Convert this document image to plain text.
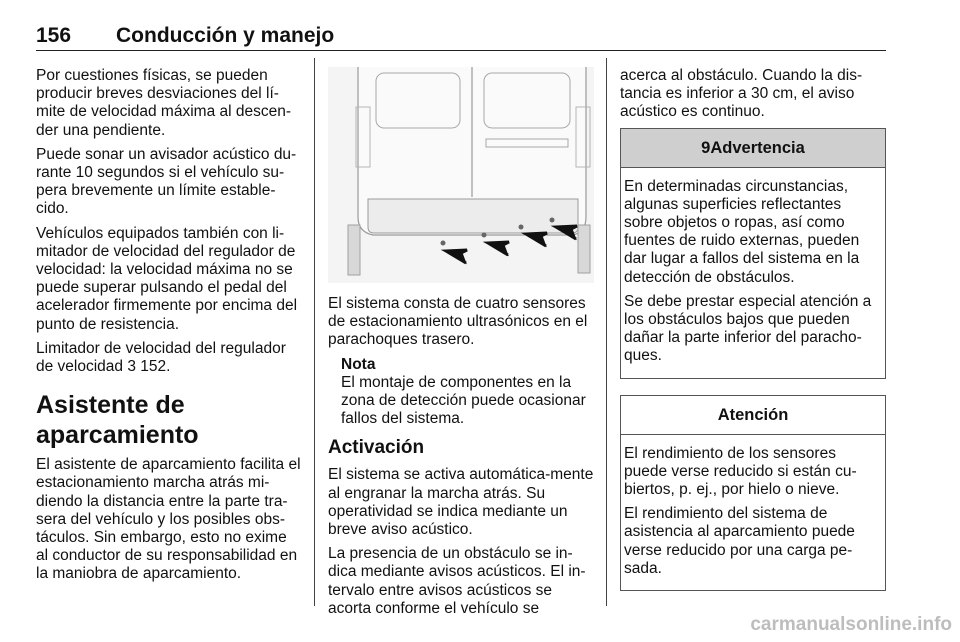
156	Conducción y manejo

Por cuestiones físicas, se pueden producir breves desviaciones del lí-mite de velocidad máxima al descen-der una pendiente.

Puede sonar un avisador acústico du-rante 10 segundos si el vehículo su-pera brevemente un límite estable-cido.

Vehículos equipados también con li-mitador de velocidad del regulador de velocidad: la velocidad máxima no se puede superar pulsando el pedal del acelerador firmemente por encima del punto de resistencia.

Limitador de velocidad del regulador de velocidad 3 152.

Asistente de aparcamiento

El asistente de aparcamiento facilita el estacionamiento marcha atrás mi-diendo la distancia entre la parte tra-sera del vehículo y los posibles obs-táculos. Sin embargo, esto no exime al conductor de su responsabilidad en la maniobra de aparcamiento.

El sistema consta de cuatro sensores de estacionamiento ultrasónicos en el parachoques trasero.

Nota
El montaje de componentes en la zona de detección puede ocasionar fallos del sistema.
Activación

El sistema se activa automática-mente al engranar la marcha atrás. Su operatividad se indica mediante un breve aviso acústico.

La presencia de un obstáculo se in-dica mediante avisos acústicos. El in-tervalo entre avisos acústicos se acorta conforme el vehículo se

acerca al obstáculo. Cuando la dis-tancia es inferior a 30 cm, el aviso acústico es continuo.

9 Advertencia

En determinadas circunstancias, algunas superficies reflectantes sobre objetos o ropas, así como fuentes de ruido externas, pueden dar lugar a fallos del sistema en la detección de obstáculos.

Se debe prestar especial atención a los obstáculos bajos que pueden dañar la parte inferior del paracho-ques.

Atención

El rendimiento de los sensores puede verse reducido si están cu-biertos, p. ej., por hielo o nieve.

El rendimiento del sistema de asistencia al aparcamiento puede verse reducido por una carga pe-sada.

carmanualsonline.info
